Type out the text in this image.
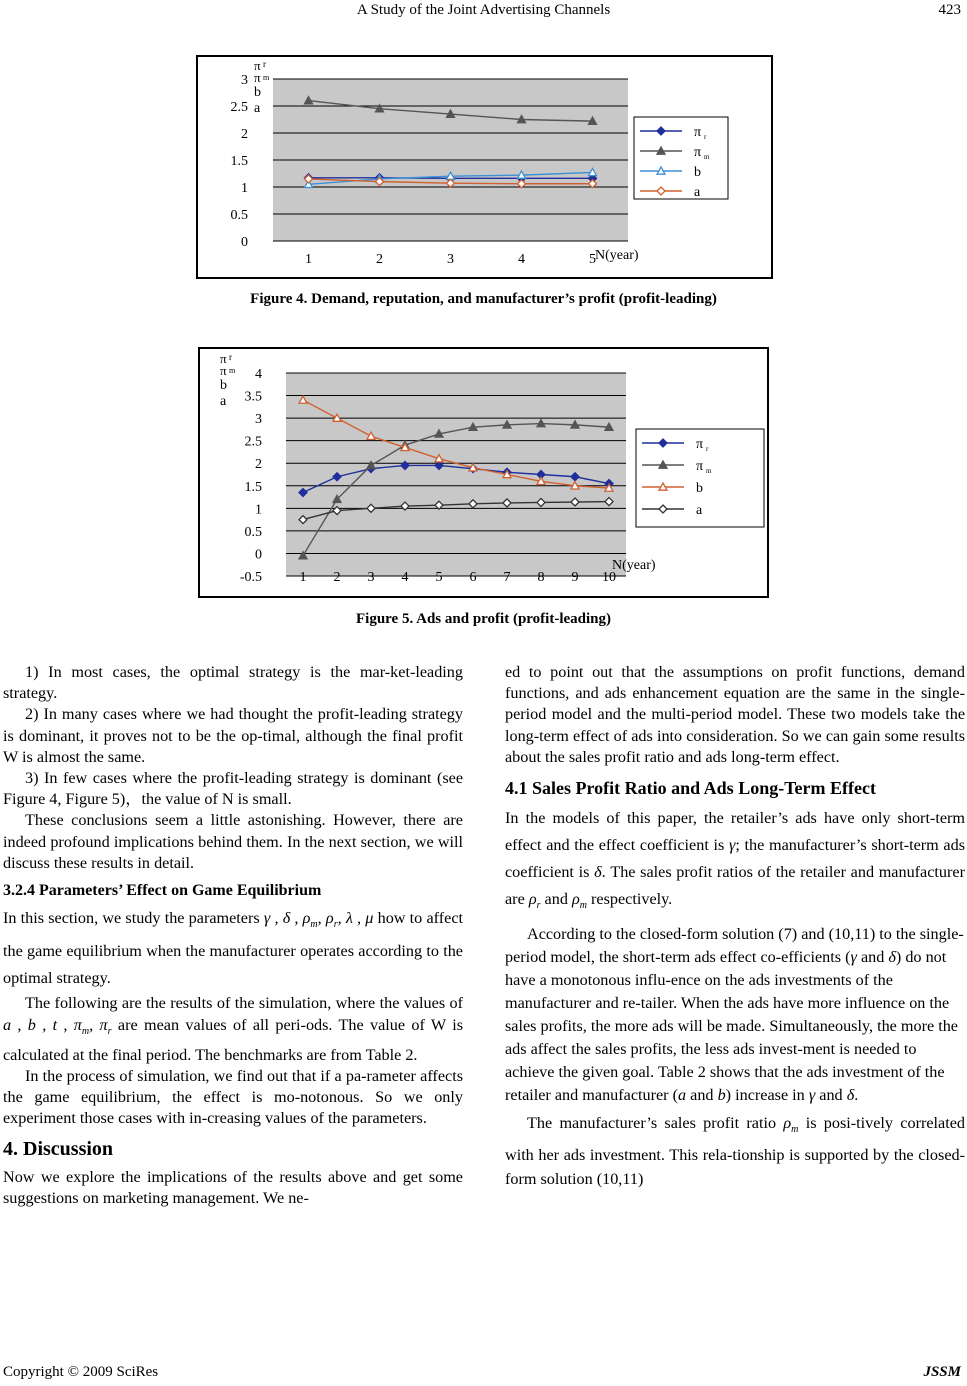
A Study of the Joint Advertising Channels	423
0
0.5
1
1.5
2
2.5
3
1	2	3	4	5 N(year)
π r
π m
b
a
π r
π m
b
a
Figure 4. Demand, reputation, and manufacturer’s profit (profit-leading)
-0.5
0
0.5
1
1.5
2
2.5
3
3.5
4
1 2 3 4 5 6 7 8 9 10
N(year)
π r
π m
b
a
π r
π m
b
a
Figure 5. Ads and profit (profit-leading)

1) In most cases, the optimal strategy is the mar-ket-leading strategy.

2) In many cases where we had thought the profit-leading strategy is dominant, it proves not to be the op-timal, although the final profit W is almost the same.

3) In few cases where the profit-leading strategy is dominant (see Figure 4, Figure 5)，the value of N is small.

These conclusions seem a little astonishing. However, there are indeed profound implications behind them. In the next section, we will discuss these results in detail.

3.2.4 Parameters’ Effect on Game Equilibrium

In this section, we study the parameters γ , δ , $\rho_m$, $\rho_r$, λ , μ how to affect the game equilibrium when the manufacturer operates according to the optimal strategy.

The following are the results of the simulation, where the values of a , b , t , $\pi_m$, $\pi_r$ are mean values of all peri-ods. The value of W is calculated at the final period. The benchmarks are from Table 2.

In the process of simulation, we find out that if a pa-rameter affects the game equilibrium, the effect is mo-notonous. So we only experiment those cases with in-creasing values of the parameters.

4. Discussion

Now we explore the implications of the results above and get some suggestions on marketing management. We ne-

ed to point out that the assumptions on profit functions, demand functions, and ads enhancement equation are the same in the single-period model and the multi-period model. These two models take the long-term effect of ads into consideration. So we can gain some results about the sales profit ratio and ads long-term effect.

4.1 Sales Profit Ratio and Ads Long-Term Effect

In the models of this paper, the retailer’s ads have only short-term effect and the effect coefficient is γ; the manufacturer’s short-term ads coefficient is δ. The sales profit ratios of the retailer and manufacturer are $\rho_r$ and $\rho_m$ respectively.

According to the closed-form solution (7) and (10,11) to the single-period model, the short-term ads effect co-efficients (γ and δ) do not have a monotonous influ-ence on the ads investments of the manufacturer and re-tailer. When the ads have more influence on the sales profits, the more ads will be made. Simultaneously, the more the ads affect the sales profits, the less ads invest-ment is needed to achieve the given goal. Table 2 shows that the ads investment of the retailer and manufacturer (a and b) increase in γ and δ.

The manufacturer’s sales profit ratio $\rho_m$ is posi-tively correlated with her ads investment. This rela-tionship is supported by the closed-form solution (10,11)

Copyright © 2009 SciRes	JSSM
